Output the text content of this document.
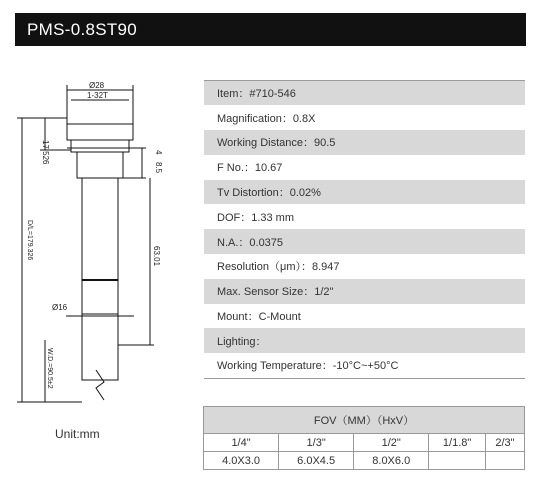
PMS-0.8ST90
Ø28
1-32T
17.526	4
8.5
63.01
D/L=179.326
Ø16
W.D.=90.5±2
Unit:mm
Item：#710-546
Magnification：0.8X
Working Distance：90.5
F No.：10.67
Tv Distortion：0.02%
DOF：1.33 mm
N.A.：0.0375
Resolution（μm）：8.947
Max. Sensor Size：1/2"
Mount：C-Mount
Lighting：
Working Temperature：-10°C~+50°C
FOV（MM）（HxV）				
1/4"	1/3"	1/2"	1/1.8"	2/3"
4.0X3.0	6.0X4.5	8.0X6.0		
